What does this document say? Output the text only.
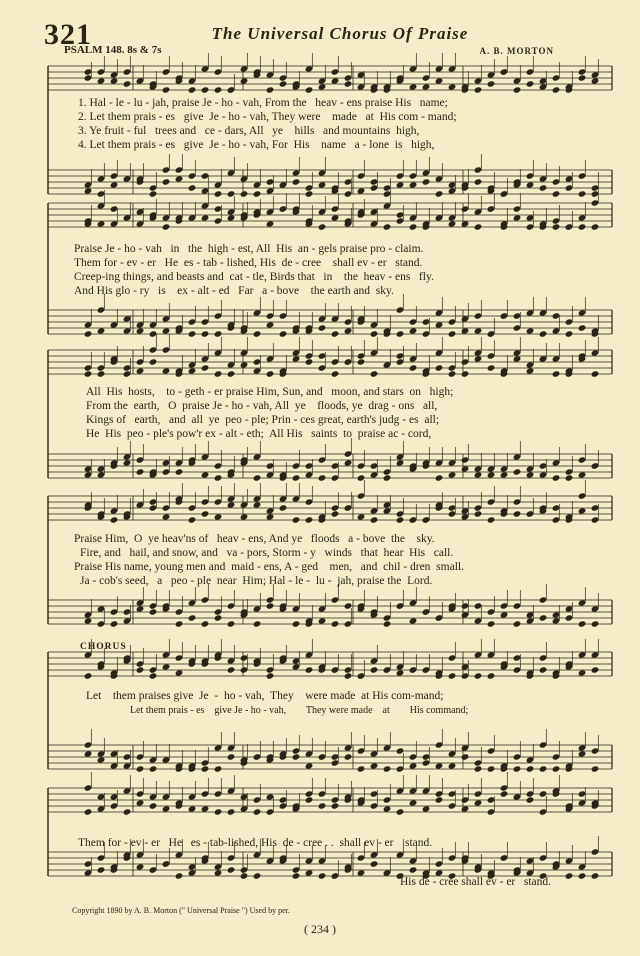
321	The Universal Chorus Of Praise
PSALM 148. 8s & 7s	A. B. MORTON
1. Hal - le - lu - jah, praise Je - ho - vah, From the   heav - ens praise His   name;
2. Let them prais - es   give  Je - ho - vah, They were    made   at  His com - mand;
3. Ye fruit - ful   trees and   ce - dars, All   ye    hills   and mountains  high,
4. Let them prais - es   give  Je - ho - vah, For  His    name   a - lone  is   high,
Praise Je - ho - vah   in   the  high - est, All  His  an - gels praise pro - claim.
Them for - ev - er   He  es - tab - lished, His  de - cree    shall ev - er   stand.
Creep-ing things, and beasts and  cat - tle, Birds that   in    the  heav - ens   fly.
And His glo - ry   is    ex - alt - ed   Far   a - bove    the earth and  sky.
All  His  hosts,    to - geth - er praise Him, Sun, and   moon, and stars  on   high;
From the  earth,   O  praise Je - ho - vah, All  ye    floods, ye  drag - ons   all,
Kings of   earth,   and  all  ye  peo - ple; Prin - ces great, earth's judg - es  all;
He  His  peo - ple's pow'r ex - alt - eth;  All His   saints  to  praise ac - cord,
Praise Him,  O  ye heav'ns of   heav - ens, And ye   floods   a - bove  the    sky.
Fire, and   hail, and snow, and   va - pors, Storm - y   winds   that  hear  His   call.
Praise His name, young men and  maid - ens, A - ged    men,   and  chil - dren  small.
Ja - cob's seed,   a   peo - ple  near  Him; Hal - le -  lu -  jah, praise the  Lord.
CHORUS
Let    them praises give  Je  -  ho - vah,  They    were made  at His com-mand;
Let them prais - es    give Je - ho - vah,        They were made    at        His command;
Them for - ev - er   He   es - tab-lished, His  de - cree . .  shall ev - er    stand.
His de - cree shall ev - er   stand.
Copyright 1890 by A. B. Morton (" Universal Praise ") Used by per.
( 234 )
